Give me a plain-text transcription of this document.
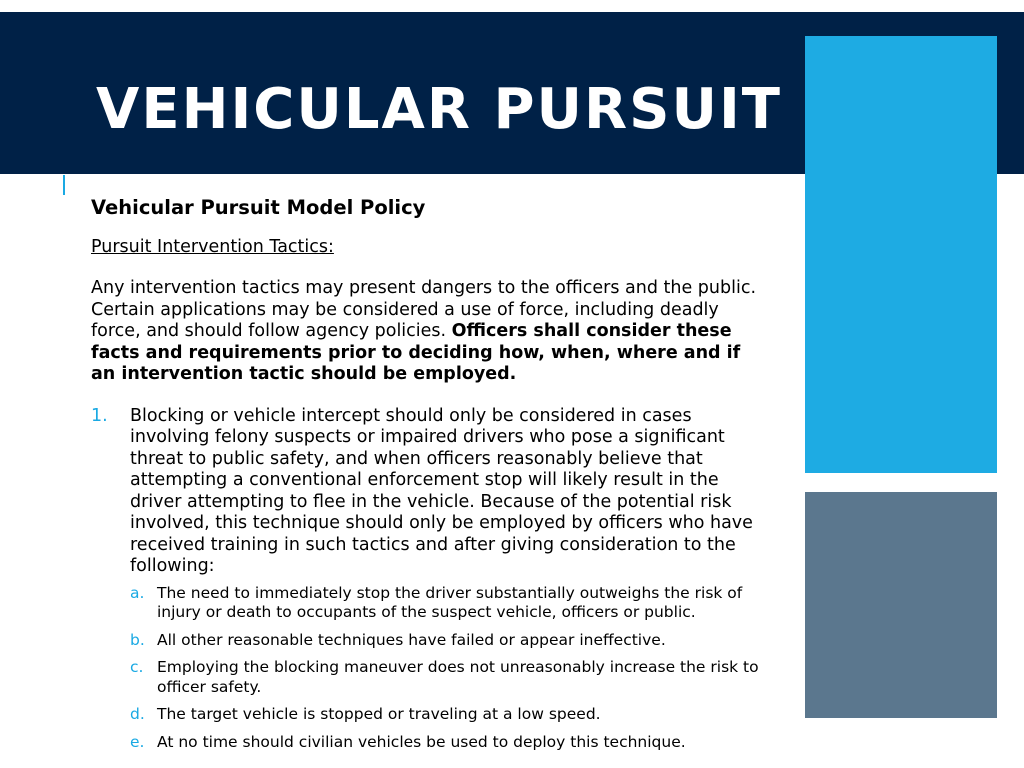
VEHICULAR PURSUIT

Vehicular Pursuit Model Policy

Pursuit Intervention Tactics:

Any intervention tactics may present dangers to the officers and the public. Certain applications may be considered a use of force, including deadly force, and should follow agency policies. Officers shall consider these facts and requirements prior to deciding how, when, where and if an intervention tactic should be employed.

1. Blocking or vehicle intercept should only be considered in cases involving felony suspects or impaired drivers who pose a significant threat to public safety, and when officers reasonably believe that attempting a conventional enforcement stop will likely result in the driver attempting to flee in the vehicle. Because of the potential risk involved, this technique should only be employed by officers who have received training in such tactics and after giving consideration to the following:
a. The need to immediately stop the driver substantially outweighs the risk of injury or death to occupants of the suspect vehicle, officers or public.
b. All other reasonable techniques have failed or appear ineffective.
c. Employing the blocking maneuver does not unreasonably increase the risk to officer safety.
d. The target vehicle is stopped or traveling at a low speed.
e. At no time should civilian vehicles be used to deploy this technique.
